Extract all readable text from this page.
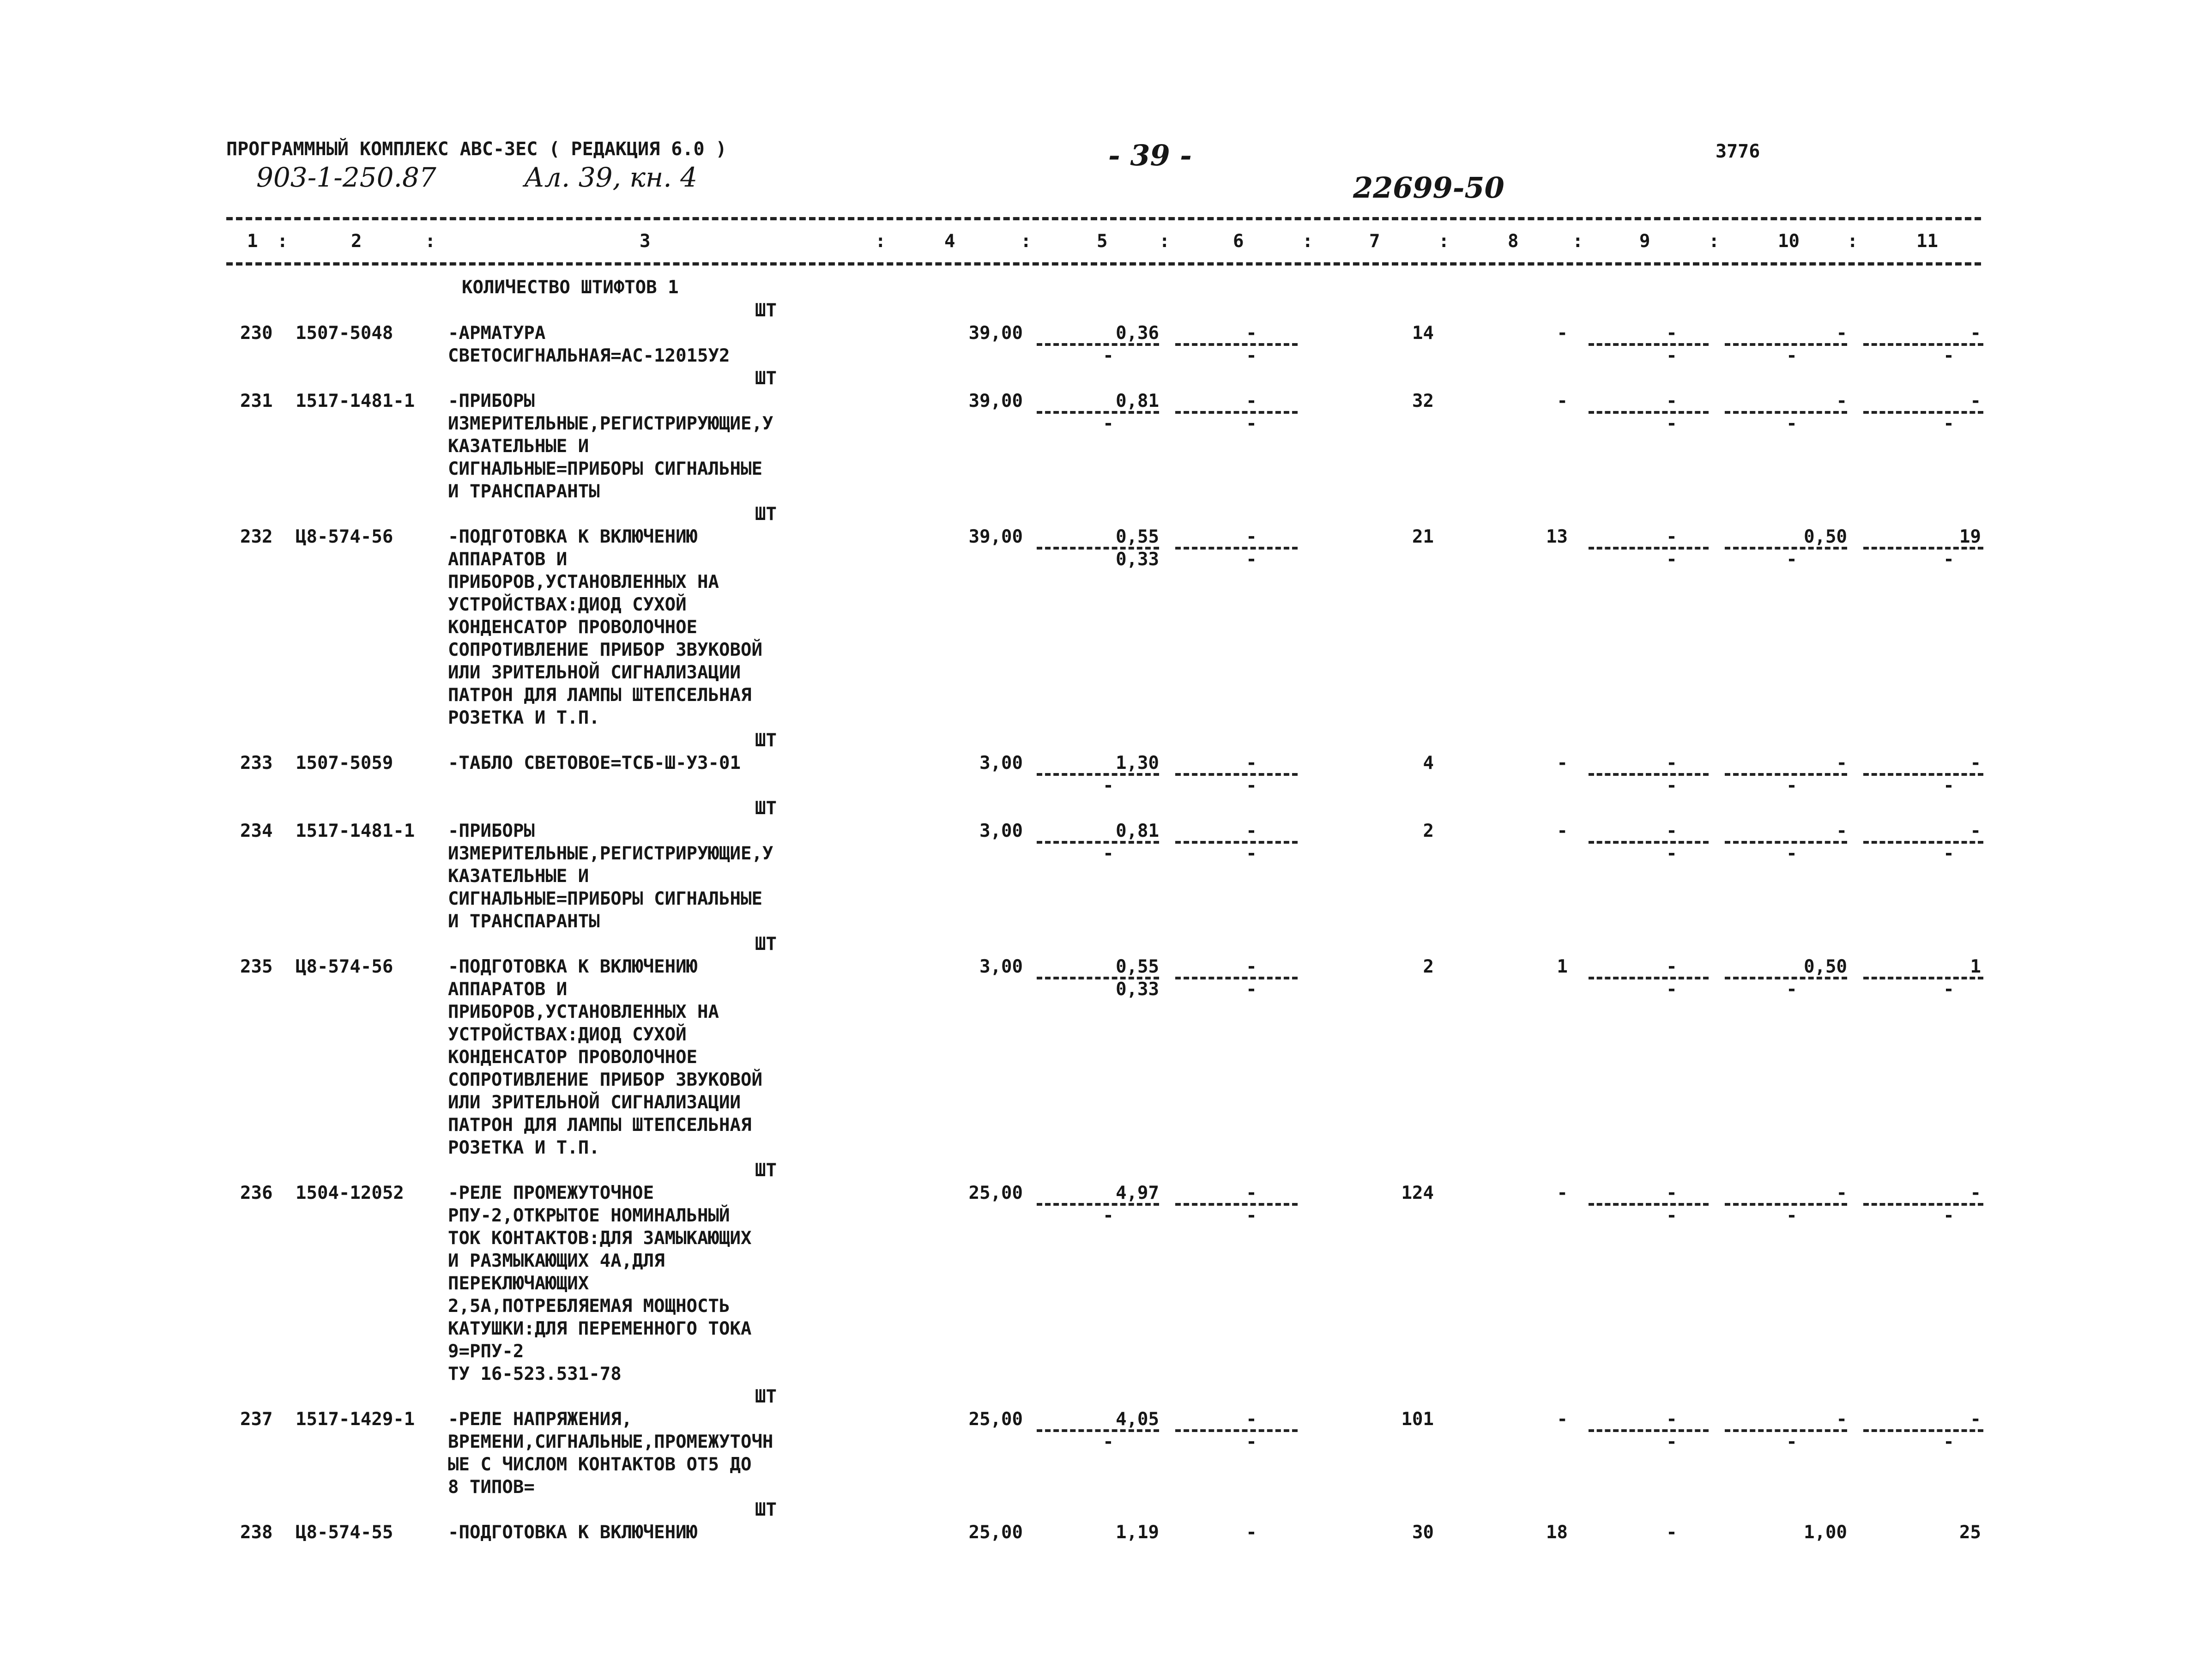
ПРОГРАММНЫЙ КОМПЛЕКС АВС-ЗЕС ( РЕДАКЦИЯ 6.0 )
903-1-250.87	Ал. 39, кн. 4
- 39 -
22699-50
3776
1	2	3	4	5	6	7	8	9	10	11
:	:	:	:	:	:	:	:	:	:
КОЛИЧЕСТВО ШТИФТОВ 1
ШТ
230 1507-5048	-АРМАТУРА
СВЕТОСИГНАЛЬНАЯ=АС-12015У2
39,00	0,36	-	14	-	-	-	-
-	-	-	-	-
ШТ
231 1517-1481-1 -ПРИБОРЫ
ИЗМЕРИТЕЛЬНЫЕ,РЕГИСТРИРУЮЩИЕ,У
КАЗАТЕЛЬНЫЕ И
СИГНАЛЬНЫЕ=ПРИБОРЫ СИГНАЛЬНЫЕ
И ТРАНСПАРАНТЫ
39,00	0,81	-	32	-	-	-	-
-	-	-	-	-
ШТ
232 Ц8-574-56	-ПОДГОТОВКА К ВКЛЮЧЕНИЮ
АППАРАТОВ И
ПРИБОРОВ,УСТАНОВЛЕННЫХ НА
УСТРОЙСТВАХ:ДИОД СУХОЙ
КОНДЕНСАТОР ПРОВОЛОЧНОЕ
СОПРОТИВЛЕНИЕ ПРИБОР ЗВУКОВОЙ
ИЛИ ЗРИТЕЛЬНОЙ СИГНАЛИЗАЦИИ
ПАТРОН ДЛЯ ЛАМПЫ ШТЕПСЕЛЬНАЯ
РОЗЕТКА И Т.П.
39,00	0,55	-	21	13	-	0,50	19
0,33	-	-	-	-
ШТ
233 1507-5059	-ТАБЛО СВЕТОВОЕ=ТСБ-Ш-У3-01	3,00	1,30	-	4	-	-	-	-
-	-	-	-	-
ШТ
234 1517-1481-1 -ПРИБОРЫ
ИЗМЕРИТЕЛЬНЫЕ,РЕГИСТРИРУЮЩИЕ,У
КАЗАТЕЛЬНЫЕ И
СИГНАЛЬНЫЕ=ПРИБОРЫ СИГНАЛЬНЫЕ
И ТРАНСПАРАНТЫ
3,00	0,81	-	2	-	-	-	-
-	-	-	-	-
ШТ
235 Ц8-574-56	-ПОДГОТОВКА К ВКЛЮЧЕНИЮ
АППАРАТОВ И
ПРИБОРОВ,УСТАНОВЛЕННЫХ НА
УСТРОЙСТВАХ:ДИОД СУХОЙ
КОНДЕНСАТОР ПРОВОЛОЧНОЕ
СОПРОТИВЛЕНИЕ ПРИБОР ЗВУКОВОЙ
ИЛИ ЗРИТЕЛЬНОЙ СИГНАЛИЗАЦИИ
ПАТРОН ДЛЯ ЛАМПЫ ШТЕПСЕЛЬНАЯ
РОЗЕТКА И Т.П.
3,00	0,55	-	2	1	-	0,50	1
0,33	-	-	-	-
ШТ
236 1504-12052 -РЕЛЕ ПРОМЕЖУТОЧНОЕ
РПУ-2,ОТКРЫТОЕ НОМИНАЛЬНЫЙ
ТОК КОНТАКТОВ:ДЛЯ ЗАМЫКАЮЩИХ
И РАЗМЫКАЮЩИХ 4А,ДЛЯ
ПЕРЕКЛЮЧАЮЩИХ
2,5А,ПОТРЕБЛЯЕМАЯ МОЩНОСТЬ
КАТУШКИ:ДЛЯ ПЕРЕМЕННОГО ТОКА
9=РПУ-2
ТУ 16-523.531-78
25,00	4,97	-	124	-	-	-	-
-	-	-	-	-
ШТ
237 1517-1429-1 -РЕЛЕ НАПРЯЖЕНИЯ,
ВРЕМЕНИ,СИГНАЛЬНЫЕ,ПРОМЕЖУТОЧН
ЫЕ С ЧИСЛОМ КОНТАКТОВ ОТ5 ДО
8 ТИПОВ=
25,00	4,05	-	101	-	-	-	-
-	-	-	-	-
ШТ
238 Ц8-574-55	-ПОДГОТОВКА К ВКЛЮЧЕНИЮ	25,00	1,19	-	30	18	-	1,00	25
